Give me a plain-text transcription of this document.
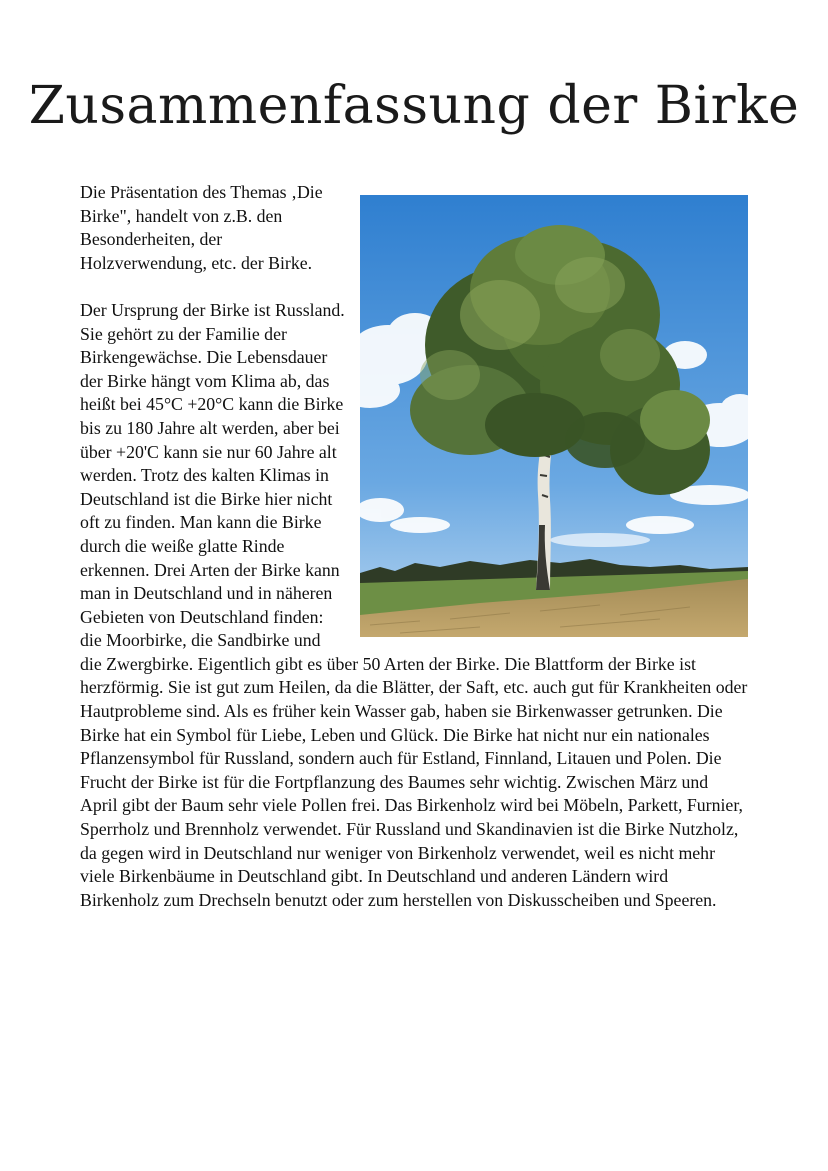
Zusammenfassung der Birke

Die Präsentation des Themas ‚Die Birke", handelt von z.B. den Besonderheiten, der Holzverwendung, etc. der Birke.

Der Ursprung der Birke ist Russland. Sie gehört zu der Familie der Birkengewächse. Die Lebensdauer der Birke hängt vom Klima ab, das heißt bei 45°C +20°C kann die Birke bis zu 180 Jahre alt werden, aber bei über +20'C kann sie nur 60 Jahre alt werden. Trotz des kalten Klimas in Deutschland ist die Birke hier nicht oft zu finden. Man kann die Birke durch die weiße glatte Rinde erkennen. Drei Arten der Birke kann man in Deutschland und in näheren Gebieten von Deutschland finden: die Moorbirke, die Sandbirke und die Zwergbirke. Eigentlich gibt es über 50 Arten der Birke. Die Blattform der Birke ist herzförmig. Sie ist gut zum Heilen, da die Blätter, der Saft, etc. auch gut für Krankheiten oder Hautprobleme sind. Als es früher kein Wasser gab, haben sie Birkenwasser getrunken. Die Birke hat ein Symbol für Liebe, Leben und Glück. Die Birke hat nicht nur ein nationales Pflanzensymbol für Russland, sondern auch für Estland, Finnland, Litauen und Polen. Die Frucht der Birke ist für die Fortpflanzung des Baumes sehr wichtig. Zwischen März und April gibt der Baum sehr viele Pollen frei. Das Birkenholz wird bei Möbeln, Parkett, Furnier, Sperrholz und Brennholz verwendet. Für Russland und Skandinavien ist die Birke Nutzholz, da gegen wird in Deutschland nur weniger von Birkenholz verwendet, weil es nicht mehr viele Birkenbäume in Deutschland gibt. In Deutschland und anderen Ländern wird Birkenholz zum Drechseln benutzt oder zum herstellen von Diskusscheiben und Speeren.
